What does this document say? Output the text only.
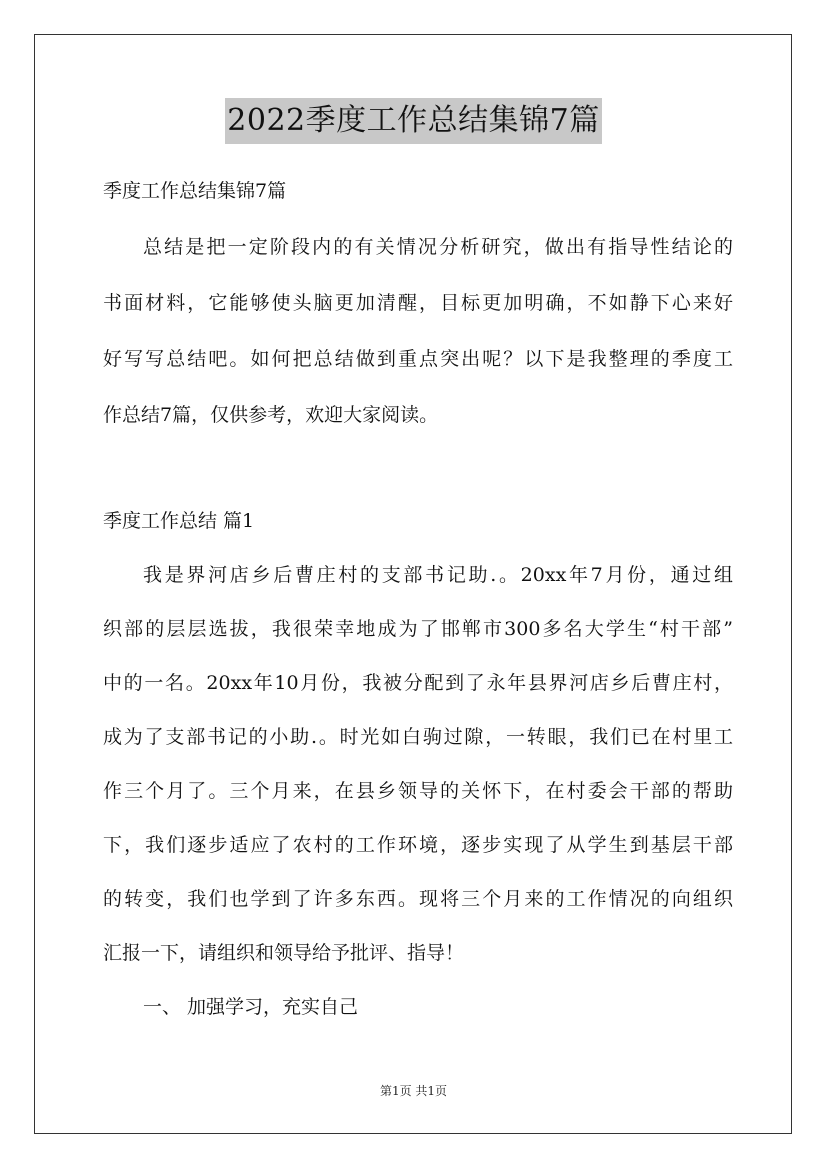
2022季度工作总结集锦7篇
季度工作总结集锦7篇
总结是把一定阶段内的有关情况分析研究，做出有指导性结论的
书面材料，它能够使头脑更加清醒，目标更加明确，不如静下心来好
好写写总结吧。如何把总结做到重点突出呢？以下是我整理的季度工
作总结7篇，仅供参考，欢迎大家阅读。
季度工作总结 篇1
我是界河店乡后曹庄村的支部书记助.。20xx年7月份，通过组
织部的层层选拔，我很荣幸地成为了邯郸市300多名大学生“村干部”
中的一名。20xx年10月份，我被分配到了永年县界河店乡后曹庄村，
成为了支部书记的小助.。时光如白驹过隙，一转眼，我们已在村里工
作三个月了。三个月来，在县乡领导的关怀下，在村委会干部的帮助
下，我们逐步适应了农村的工作环境，逐步实现了从学生到基层干部
的转变，我们也学到了许多东西。现将三个月来的工作情况的向组织
汇报一下，请组织和领导给予批评、指导！
一、 加强学习，充实自己
第1页 共1页
